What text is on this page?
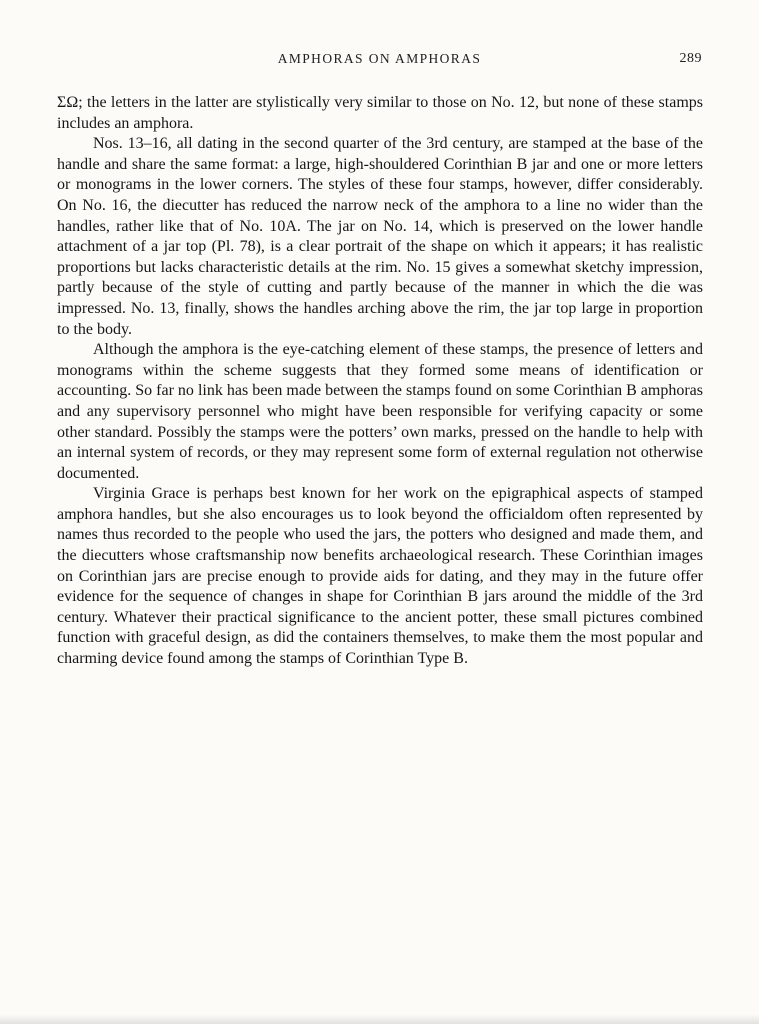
AMPHORAS ON AMPHORAS	289

ΣΩ; the letters in the latter are stylistically very similar to those on No. 12, but none of these stamps includes an amphora.

Nos. 13–16, all dating in the second quarter of the 3rd century, are stamped at the base of the handle and share the same format: a large, high-shouldered Corinthian B jar and one or more letters or monograms in the lower corners. The styles of these four stamps, however, differ considerably. On No. 16, the diecutter has reduced the narrow neck of the amphora to a line no wider than the handles, rather like that of No. 10A. The jar on No. 14, which is preserved on the lower handle attachment of a jar top (Pl. 78), is a clear portrait of the shape on which it appears; it has realistic proportions but lacks characteristic details at the rim. No. 15 gives a somewhat sketchy impression, partly because of the style of cutting and partly because of the manner in which the die was impressed. No. 13, finally, shows the handles arching above the rim, the jar top large in proportion to the body.

Although the amphora is the eye-catching element of these stamps, the presence of letters and monograms within the scheme suggests that they formed some means of identification or accounting. So far no link has been made between the stamps found on some Corinthian B amphoras and any supervisory personnel who might have been responsible for verifying capacity or some other standard. Possibly the stamps were the potters’ own marks, pressed on the handle to help with an internal system of records, or they may represent some form of external regulation not otherwise documented.

Virginia Grace is perhaps best known for her work on the epigraphical aspects of stamped amphora handles, but she also encourages us to look beyond the officialdom often represented by names thus recorded to the people who used the jars, the potters who designed and made them, and the diecutters whose craftsmanship now benefits archaeological research. These Corinthian images on Corinthian jars are precise enough to provide aids for dating, and they may in the future offer evidence for the sequence of changes in shape for Corinthian B jars around the middle of the 3rd century. Whatever their practical significance to the ancient potter, these small pictures combined function with graceful design, as did the containers themselves, to make them the most popular and charming device found among the stamps of Corinthian Type B.
